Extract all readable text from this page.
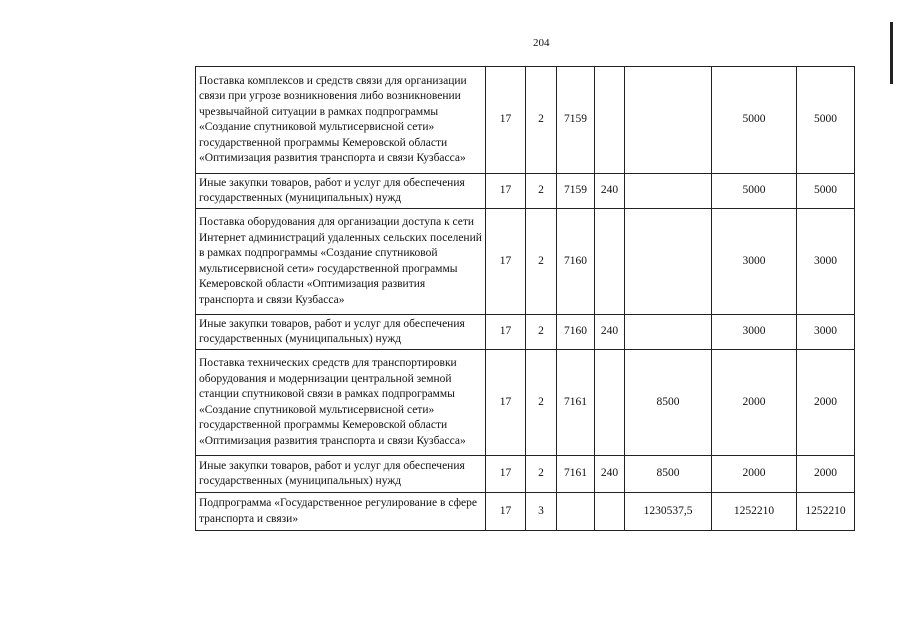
204
Поставка комплексов и средств связи для организации связи при угрозе возникновения либо возникновении чрезвычайной ситуации в рамках подпрограммы «Создание спутниковой мультисервисной сети» государственной программы Кемеровской области «Оптимизация развития транспорта и связи Кузбасса»	17	2	7159			5000	5000
Иные закупки товаров, работ и услуг для обеспечения государственных (муниципальных) нужд	17	2	7159	240		5000	5000
Поставка оборудования для организации доступа к сети Интернет администраций удаленных сельских поселений в рамках подпрограммы «Создание спутниковой мультисервисной сети» государственной программы Кемеровской области «Оптимизация развития транспорта и связи Кузбасса»	17	2	7160			3000	3000
Иные закупки товаров, работ и услуг для обеспечения государственных (муниципальных) нужд	17	2	7160	240		3000	3000
Поставка технических средств для транспортировки оборудования и модернизации центральной земной станции спутниковой связи в рамках подпрограммы «Создание спутниковой мультисервисной сети» государственной программы Кемеровской области «Оптимизация развития транспорта и связи Кузбасса»	17	2	7161		8500	2000	2000
Иные закупки товаров, работ и услуг для обеспечения государственных (муниципальных) нужд	17	2	7161	240	8500	2000	2000
Подпрограмма «Государственное регулирование в сфере транспорта и связи»	17	3			1230537,5	1252210	1252210
